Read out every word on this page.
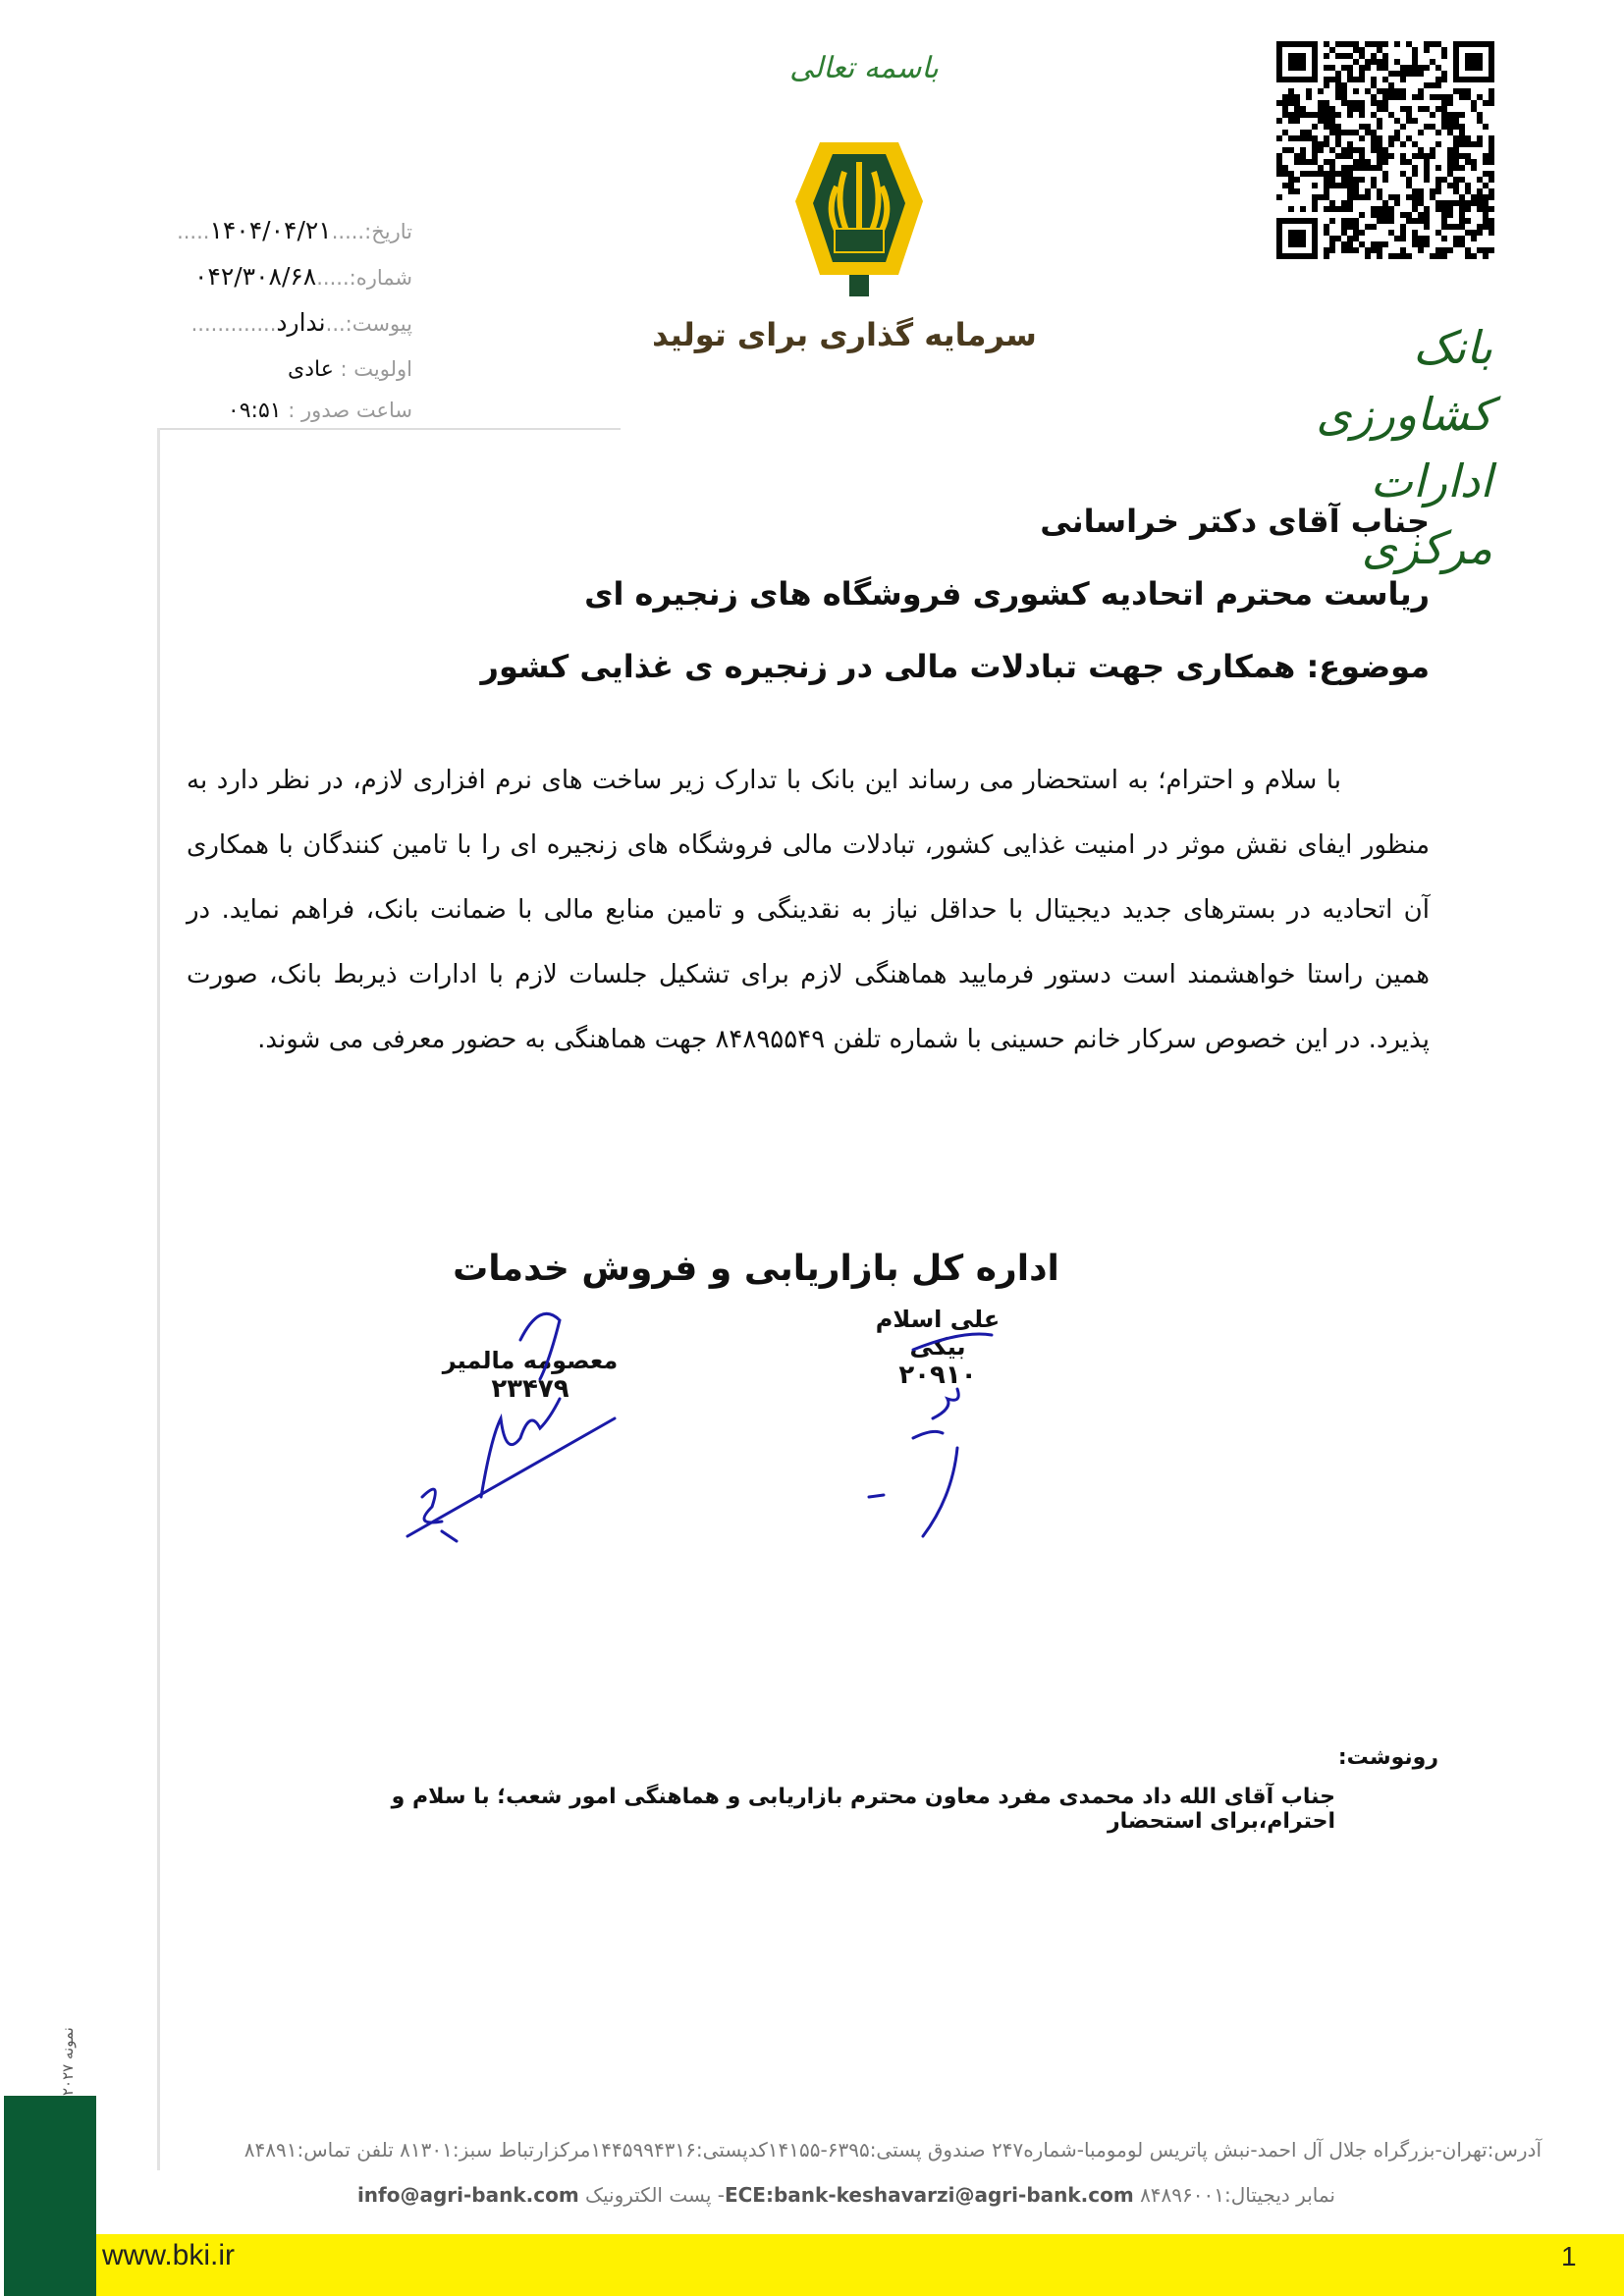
باسمه تعالی
سرمایه گذاری برای تولید	بانک کشاورزی
ادارات مرکزی
تاریخ:.....۱۴۰۴/۰۴/۲۱.....
شماره:.....۰۴۲/۳۰۸/۶۸
پیوست:...ندارد.............
اولویت : عادی
ساعت صدور : ۰۹:۵۱
جناب آقای دکتر خراسانی
ریاست محترم اتحادیه کشوری فروشگاه های زنجیره ای
موضوع: همکاری جهت تبادلات مالی در زنجیره ی غذایی کشور
با سلام و احترام؛ به استحضار می رساند این بانک با تدارک زیر ساخت های نرم افزاری لازم، در نظر دارد به منظور ایفای نقش موثر در امنیت غذایی کشور، تبادلات مالی فروشگاه های زنجیره ای را با تامین کنندگان با همکاری آن اتحادیه در بسترهای جدید دیجیتال با حداقل نیاز به نقدینگی و تامین منابع مالی با ضمانت بانک، فراهم نماید. در همین راستا خواهشمند است دستور فرمایید هماهنگی لازم برای تشکیل جلسات لازم با ادارات ذیربط بانک، صورت پذیرد. در این خصوص سرکار خانم حسینی با شماره تلفن ۸۴۸۹۵۵۴۹ جهت هماهنگی به حضور معرفی می شوند.
اداره کل بازاریابی و فروش خدمات
علی اسلام بیکی
۲۰۹۱۰
معصومه مالمیر
۲۳۴۷۹
رونوشت:
جناب آقای الله داد محمدی مفرد معاون محترم بازاریابی و هماهنگی امور شعب؛ با سلام و احترام،برای استحضار
نمونه ۲۰۲۷
آدرس:تهران-بزرگراه جلال آل احمد-نبش پاتریس لومومبا-شماره۲۴۷ صندوق پستی:۶۳۹۵-۱۴۱۵۵کدپستی:۱۴۴۵۹۹۴۳۱۶مرکزارتباط سبز:۸۱۳۰۱ تلفن تماس:۸۴۸۹۱
نمابر دیجیتال:۸۴۸۹۶۰۰۱ ECE:bank-keshavarzi@agri-bank.com- پست الکترونیک info@agri-bank.com
www.bki.ir	1
